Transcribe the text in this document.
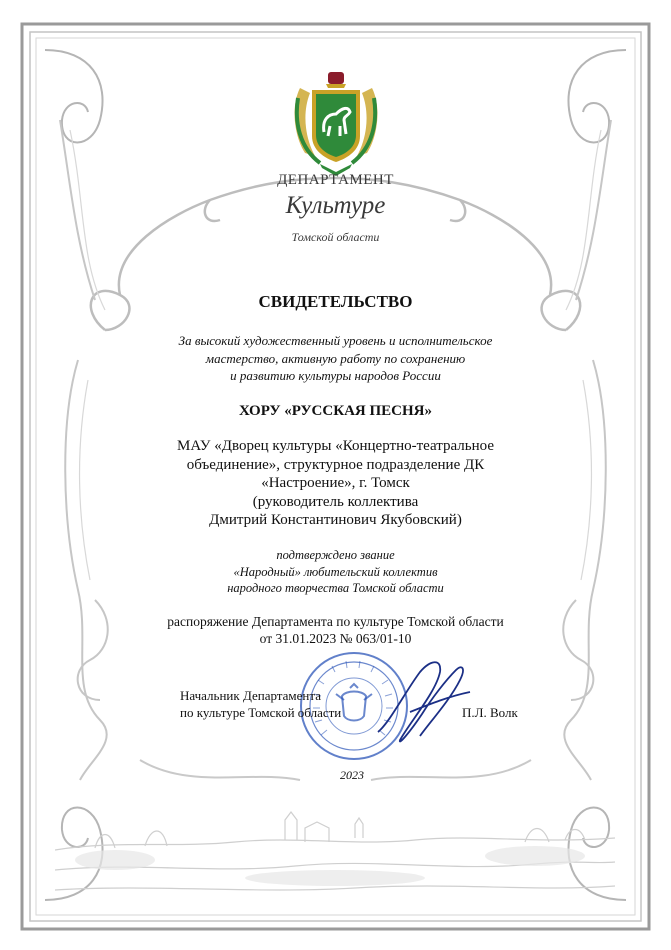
ДЕПАРТАМЕНТ
Культуре
Томской области
СВИДЕТЕЛЬСТВО
За высокий художественный уровень и исполнительское
мастерство, активную работу по сохранению
и развитию культуры народов России
ХОРУ «РУССКАЯ ПЕСНЯ»
МАУ «Дворец культуры «Концертно-театральное
объединение», структурное подразделение ДК
«Настроение», г. Томск
(руководитель коллектива
Дмитрий Константинович Якубовский)
подтверждено звание
«Народный» любительский коллектив
народного творчества Томской области
распоряжение Департамента по культуре Томской области
от 31.01.2023 № 063/01-10
Начальник Департамента
по культуре Томской области	П.Л. Волк
2023
